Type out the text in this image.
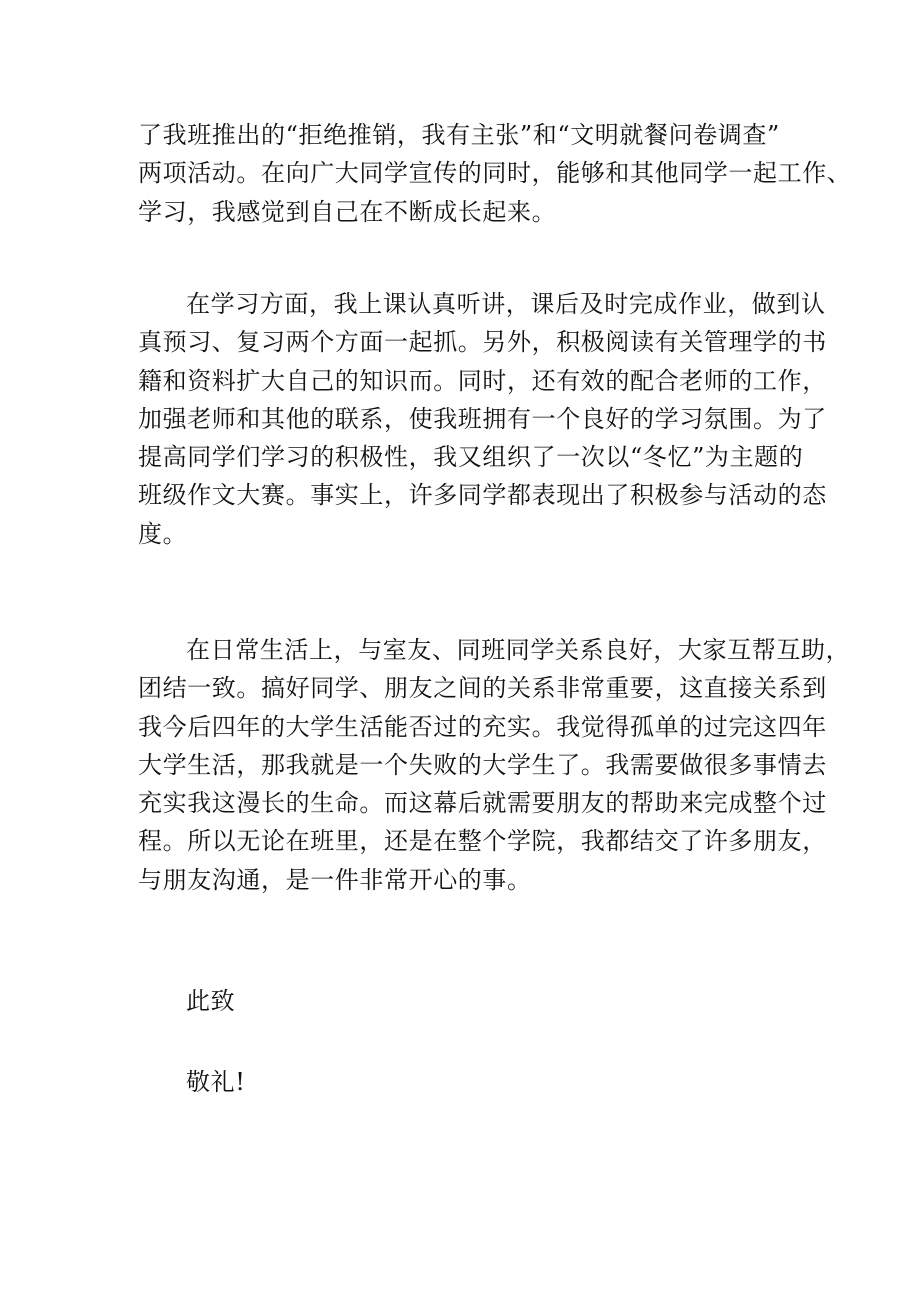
了我班推出的“拒绝推销，我有主张”和“文明就餐问卷调查”
两项活动。在向广大同学宣传的同时，能够和其他同学一起工作、
学习，我感觉到自己在不断成长起来。

在学习方面，我上课认真听讲，课后及时完成作业，做到认
真预习、复习两个方面一起抓。另外，积极阅读有关管理学的书
籍和资料扩大自己的知识而。同时，还有效的配合老师的工作，
加强老师和其他的联系，使我班拥有一个良好的学习氛围。为了
提高同学们学习的积极性，我又组织了一次以“冬忆”为主题的
班级作文大赛。事实上，许多同学都表现出了积极参与活动的态
度。

在日常生活上，与室友、同班同学关系良好，大家互帮互助，
团结一致。搞好同学、朋友之间的关系非常重要，这直接关系到
我今后四年的大学生活能否过的充实。我觉得孤单的过完这四年
大学生活，那我就是一个失败的大学生了。我需要做很多事情去
充实我这漫长的生命。而这幕后就需要朋友的帮助来完成整个过
程。所以无论在班里，还是在整个学院，我都结交了许多朋友，
与朋友沟通，是一件非常开心的事。

此致

敬礼!
